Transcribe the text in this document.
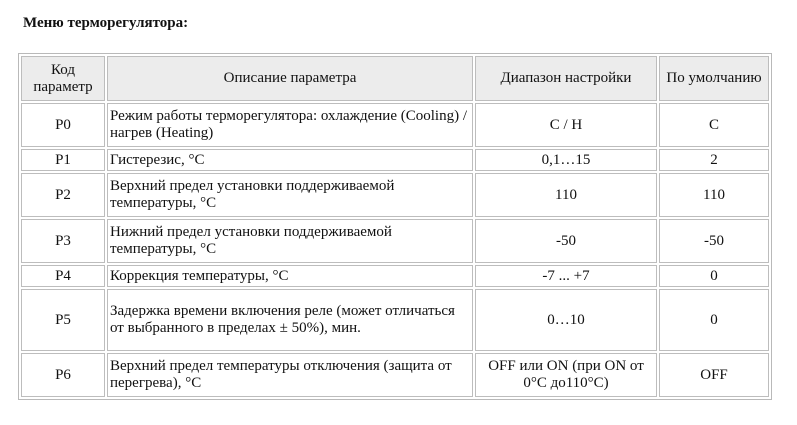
Меню терморегулятора:
Код параметр	Описание параметра	Диапазон настройки	По умолчанию
P0	Режим работы терморегулятора: охлаждение (Cooling) / нагрев (Heating)	C / H	C
P1	Гистерезис, °C	0,1…15	2
P2	Верхний предел установки поддерживаемой температуры, °C	110	110
P3	Нижний предел установки поддерживаемой температуры, °C	-50	-50
P4	Коррекция температуры, °C	-7 ... +7	0
P5	Задержка времени включения реле (может отличаться от выбранного в пределах ± 50%), мин.	0…10	0
P6	Верхний предел температуры отключения (защита от перегрева), °C	OFF или ON (при ON от 0°C до110°C)	OFF
